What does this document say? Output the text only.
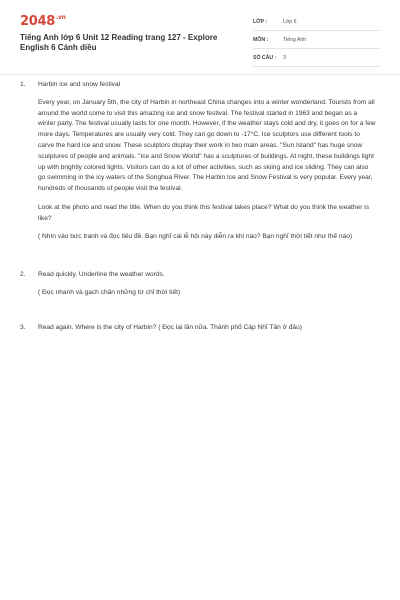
$2048^{.vn}$
Tiếng Anh lớp 6 Unit 12 Reading trang 127 - Explore English 6 Cánh diều
LỚP :	Lớp 6
MÔN :	Tiếng Anh
SỐ CÂU : 3
1. Harbin ice and snow festival

Every year, on January 5th, the city of Harbin in northeast China changes into a winter wonderland. Tourists from all around the world come to visit this amazing ice and snow festival. The festival started in 1963 and began as a winter party. The festival usually lasts for one month. However, if the weather stays cold and dry, it goes on for a few more days. Temperatures are usually very cold. They can go down to -17°C. Ice sculptors use different tools to carve the hard ice and snow. These sculptors display their work in two main areas. "Sun Island" has huge snow sculptures of people and animals. "Ice and Snow World" has a sculptures of buildings. At night, these buildings light up with brightly colored lights. Visitors can do a lot of other activities, such as skiing and ice sliding. They can also go swimming in the icy waters of the Songhua River. The Harbin Ice and Snow Festival is very popular. Every year, hundreds of thousands of people visit the festival.

Look at the photo and read the title. When do you think this festival takes place? What do you think the weather is like?

( Nhìn vào bức tranh và đọc tiêu đề. Bạn nghĩ cái lễ hội này diễn ra khi nào? Bạn nghĩ thời tiết như thế nào)

2. Read quickly. Underline the weather words.

( Đọc nhanh và gạch chân những từ chỉ thời tiết)

3. Read again. Where is the city of Harbin? ( Đọc lại lần nữa. Thành phố Cáp Nhĩ Tân ở đâu)
